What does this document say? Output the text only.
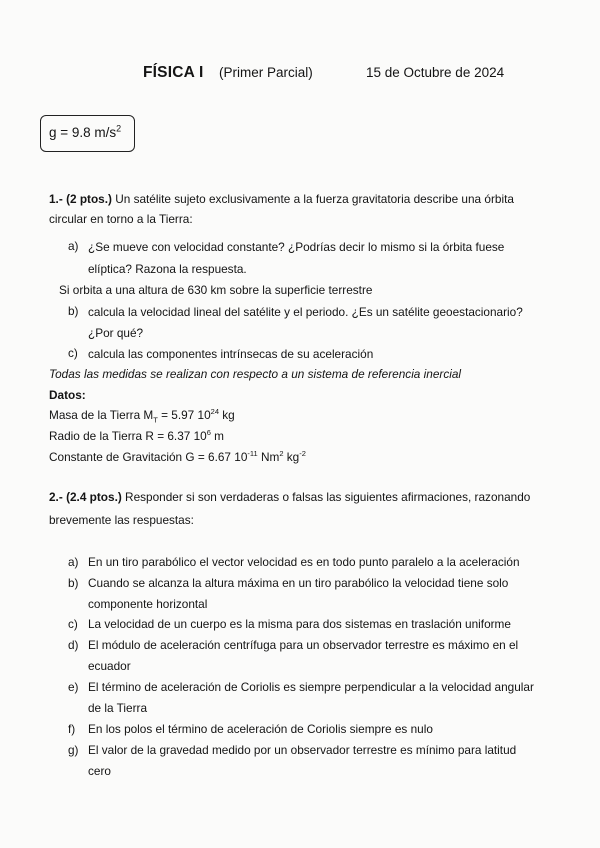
FÍSICA I (Primer Parcial)	15 de Octubre de 2024
g = 9.8 $m/s^2$
1.- (2 ptos.) Un satélite sujeto exclusivamente a la fuerza gravitatoria describe una órbita
circular en torno a la Tierra:
a) ¿Se mueve con velocidad constante? ¿Podrías decir lo mismo si la órbita fuese
elíptica? Razona la respuesta.
Si orbita a una altura de 630 km sobre la superficie terrestre
b) calcula la velocidad lineal del satélite y el periodo. ¿Es un satélite geoestacionario?
¿Por qué?
c) calcula las componentes intrínsecas de su aceleración
Todas las medidas se realizan con respecto a un sistema de referencia inercial
Datos:
Masa de la Tierra $M_T = 5.97$ $10^{24}$ kg
Radio de la Tierra R = 6.37 $10^6$ m
Constante de Gravitación G = 6.67 $10^{-11}$ Nm$^2$ $kg^{-2}$
2.- (2.4 ptos.) Responder si son verdaderas o falsas las siguientes afirmaciones, razonando
brevemente las respuestas:
a) En un tiro parabólico el vector velocidad es en todo punto paralelo a la aceleración
b) Cuando se alcanza la altura máxima en un tiro parabólico la velocidad tiene solo
componente horizontal
c) La velocidad de un cuerpo es la misma para dos sistemas en traslación uniforme
d) El módulo de aceleración centrífuga para un observador terrestre es máximo en el
ecuador
e) El término de aceleración de Coriolis es siempre perpendicular a la velocidad angular
de la Tierra
f) En los polos el término de aceleración de Coriolis siempre es nulo
g) El valor de la gravedad medido por un observador terrestre es mínimo para latitud
cero
